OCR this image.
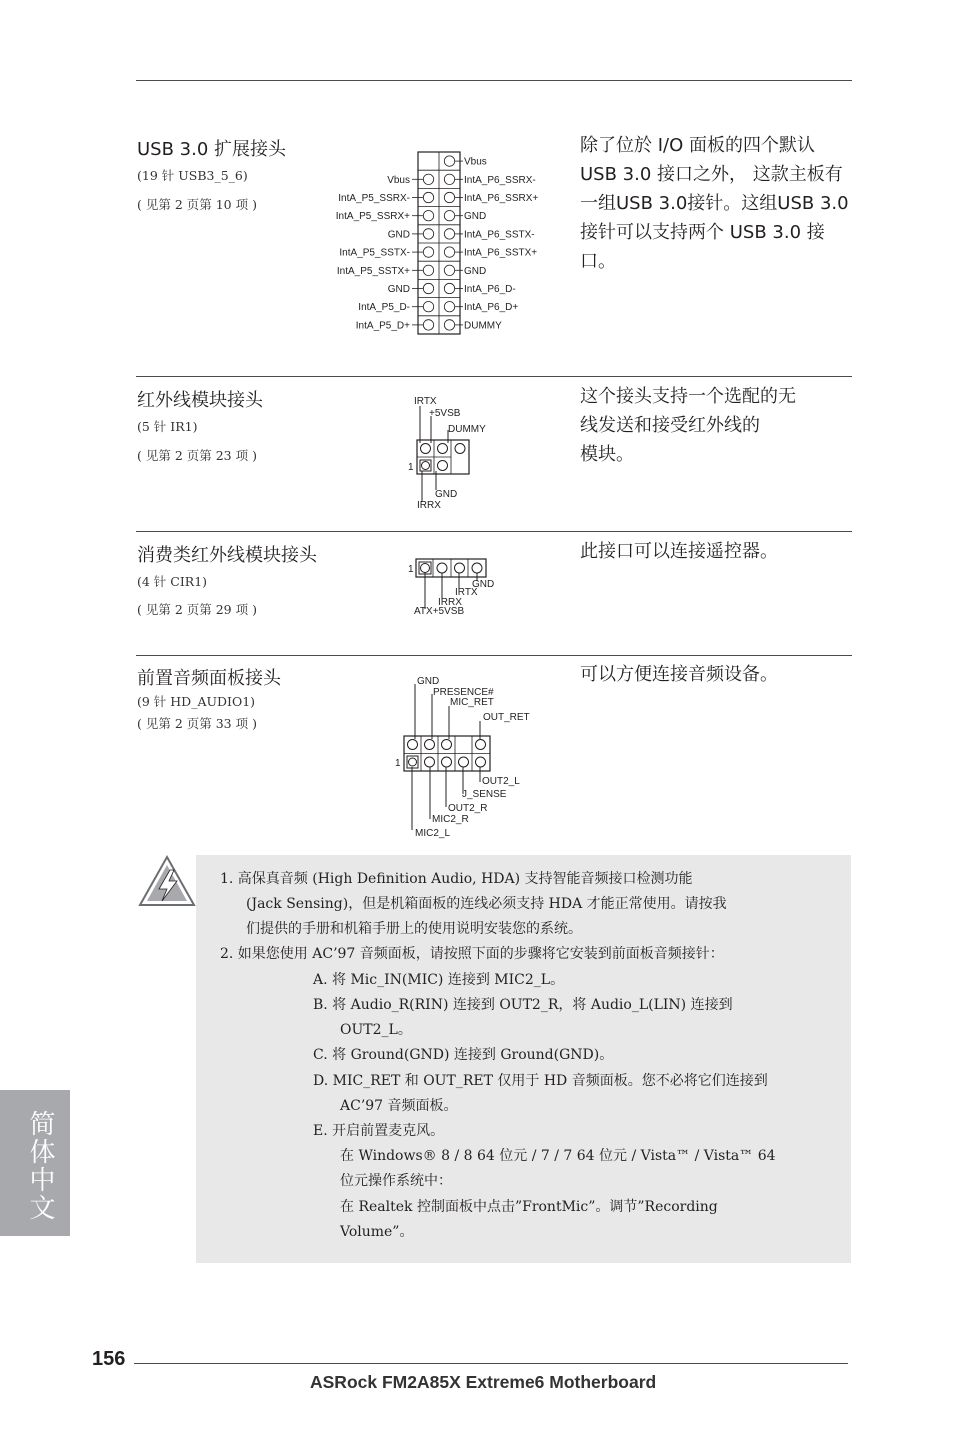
USB 3.0 扩展接头
(19 针 USB3_5_6)
( 见第 2 页第 10 项 )
Vbus
IntA_P5_SSRX-
IntA_P5_SSRX+
GND
IntA_P5_SSTX-
IntA_P5_SSTX+
GND
IntA_P5_D-
IntA_P5_D+
Vbus
IntA_P6_SSRX-
IntA_P6_SSRX+
GND
IntA_P6_SSTX-
IntA_P6_SSTX+
GND
IntA_P6_D-
IntA_P6_D+
DUMMY
除了位於 I/O 面板的四个默认
USB 3.0 接口之外， 这款主板有
一组USB 3.0接针。这组USB 3.0
接针可以支持两个 USB 3.0 接
口。
红外线模块接头
(5 针 IR1)
( 见第 2 页第 23 项 )
IRTX
+5VSB
DUMMY
1
GND
IRRX
这个接头支持一个选配的无
线发送和接受红外线的
模块。
消费类红外线模块接头
(4 针 CIR1)
( 见第 2 页第 29 项 )
1
GND
IRTX
IRRX
ATX+5VSB
此接口可以连接遥控器。
前置音频面板接头
(9 针 HD_AUDIO1)
( 见第 2 页第 33 项 )
GND
PRESENCE#
MIC_RET
OUT_RET
1
OUT2_L
J_SENSE
OUT2_R
MIC2_R
MIC2_L
可以方便连接音频设备。
1. 高保真音频 (High Definition Audio, HDA) 支持智能音频接口检测功能
(Jack Sensing)，但是机箱面板的连线必须支持 HDA 才能正常使用。请按我
们提供的手册和机箱手册上的使用说明安装您的系统。
2. 如果您使用 AC’97 音频面板，请按照下面的步骤将它安装到前面板音频接针：
A. 将 Mic_IN(MIC) 连接到 MIC2_L。
B. 将 Audio_R(RIN) 连接到 OUT2_R，将 Audio_L(LIN) 连接到
OUT2_L。
C. 将 Ground(GND) 连接到 Ground(GND)。
D. MIC_RET 和 OUT_RET 仅用于 HD 音频面板。您不必将它们连接到
AC’97 音频面板。
E. 开启前置麦克风。
在 Windows® 8 / 8 64 位元 / 7 / 7 64 位元 / Vista™ / Vista™ 64
位元操作系统中：
在 Realtek 控制面板中点击”FrontMic”。调节”Recording
Volume”。
简体中文
156
ASRock FM2A85X Extreme6 Motherboard
